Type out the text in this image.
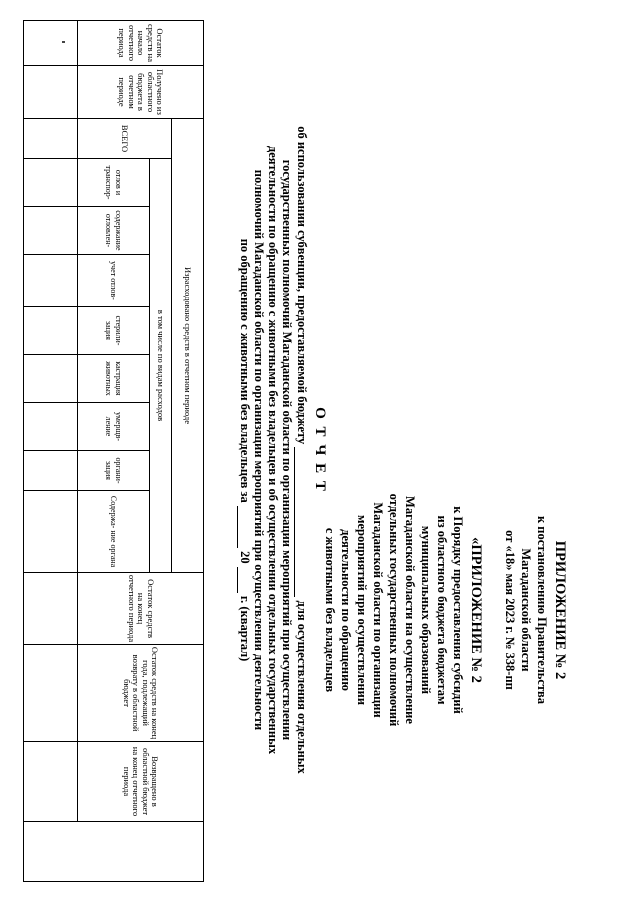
ПРИЛОЖЕНИЕ № 2
к постановлению Правительства
Магаданской области
от «18» мая 2023 г. № 338-пп
«ПРИЛОЖЕНИЕ № 2
к Порядку предоставления субсидий
из областного бюджета бюджетам
муниципальных образований
Магаданской области на осуществление
отдельных государственных полномочий
Магаданской области по организации
мероприятий при осуществлении
деятельности по обращению
с животными без владельцев
О Т Ч Е Т
об использовании субвенции, предоставляемой бюджету   для осуществления отдельных
государственных полномочий Магаданской области по организации мероприятий при осуществлении
деятельности по обращению с животными без владельцев и об осуществлении отдельных государственных
полномочий Магаданской области по организации мероприятий при осуществлении деятельности
по обращению с животными без владельцев за   20   г. (квартал)
Остаток средств на начало отчетного периода	Получено из областного бюджета в отчетном периоде	Израсходовано средств в отчетном периоде									Остаток средств на конец отчетного периода	Остаток средств на конец года, подлежащий возврату в областной бюджет	Возвращено в областной бюджет на конец отчетного периода	
		ВСЕГО	в том числе по видам расходов											
			отлов и транспор-	содержание отловлен-	учет отлов-	стерили- зация	кастрация животных	умерщв- ление	органи- зация	Содержа- ние органа				
